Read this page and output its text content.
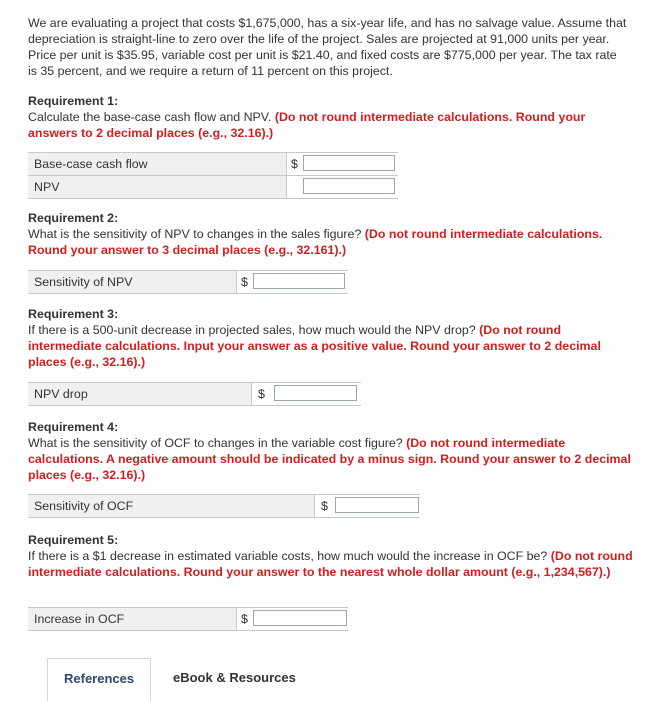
We are evaluating a project that costs $1,675,000, has a six-year life, and has no salvage value. Assume that depreciation is straight-line to zero over the life of the project. Sales are projected at 91,000 units per year. Price per unit is $35.95, variable cost per unit is $21.40, and fixed costs are $775,000 per year. The tax rate is 35 percent, and we require a return of 11 percent on this project.
Requirement 1:
Calculate the base-case cash flow and NPV. (Do not round intermediate calculations. Round your answers to 2 decimal places (e.g., 32.16).)
Base-case cash flow	$
NPV
Requirement 2:
What is the sensitivity of NPV to changes in the sales figure? (Do not round intermediate calculations. Round your answer to 3 decimal places (e.g., 32.161).)
Sensitivity of NPV	$
Requirement 3:
If there is a 500-unit decrease in projected sales, how much would the NPV drop? (Do not round intermediate calculations. Input your answer as a positive value. Round your answer to 2 decimal places (e.g., 32.16).)
NPV drop	$
Requirement 4:
What is the sensitivity of OCF to changes in the variable cost figure? (Do not round intermediate calculations. A negative amount should be indicated by a minus sign. Round your answer to 2 decimal places (e.g., 32.16).)
Sensitivity of OCF	$
Requirement 5:
If there is a $1 decrease in estimated variable costs, how much would the increase in OCF be? (Do not round intermediate calculations. Round your answer to the nearest whole dollar amount (e.g., 1,234,567).)
Increase in OCF	$
References	eBook & Resources
